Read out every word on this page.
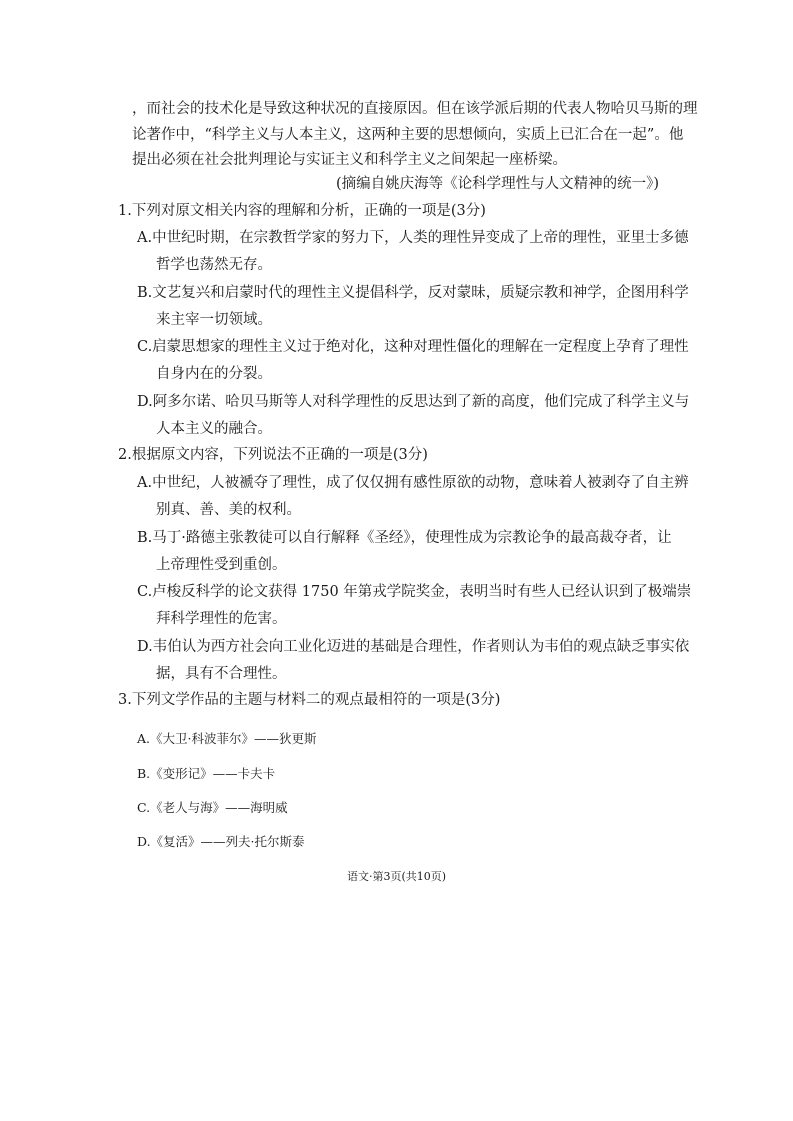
，而社会的技术化是导致这种状况的直接原因。但在该学派后期的代表人物哈贝马斯的理
论著作中，“科学主义与人本主义，这两种主要的思想倾向，实质上已汇合在一起”。他
提出必须在社会批判理论与实证主义和科学主义之间架起一座桥梁。
(摘编自姚庆海等《论科学理性与人文精神的统一》)
1.下列对原文相关内容的理解和分析，正确的一项是(3分)
A.中世纪时期，在宗教哲学家的努力下，人类的理性异变成了上帝的理性，亚里士多德
哲学也荡然无存。
B.文艺复兴和启蒙时代的理性主义提倡科学，反对蒙昧，质疑宗教和神学，企图用科学
来主宰一切领域。
C.启蒙思想家的理性主义过于绝对化，这种对理性僵化的理解在一定程度上孕育了理性
自身内在的分裂。
D.阿多尔诺、哈贝马斯等人对科学理性的反思达到了新的高度，他们完成了科学主义与
人本主义的融合。
2.根据原文内容，下列说法不正确的一项是(3分)
A.中世纪，人被褫夺了理性，成了仅仅拥有感性原欲的动物，意味着人被剥夺了自主辨
别真、善、美的权利。
B.马丁·路德主张教徒可以自行解释《圣经》，使理性成为宗教论争的最高裁夺者，让
上帝理性受到重创。
C.卢梭反科学的论文获得 1750 年第戎学院奖金，表明当时有些人已经认识到了极端崇
拜科学理性的危害。
D.韦伯认为西方社会向工业化迈进的基础是合理性，作者则认为韦伯的观点缺乏事实依
据，具有不合理性。
3.下列文学作品的主题与材料二的观点最相符的一项是(3分)
A.《大卫·科波菲尔》——狄更斯
B.《变形记》——卡夫卡
C.《老人与海》——海明威
D.《复活》——列夫·托尔斯泰
语文·第3页(共10页)
